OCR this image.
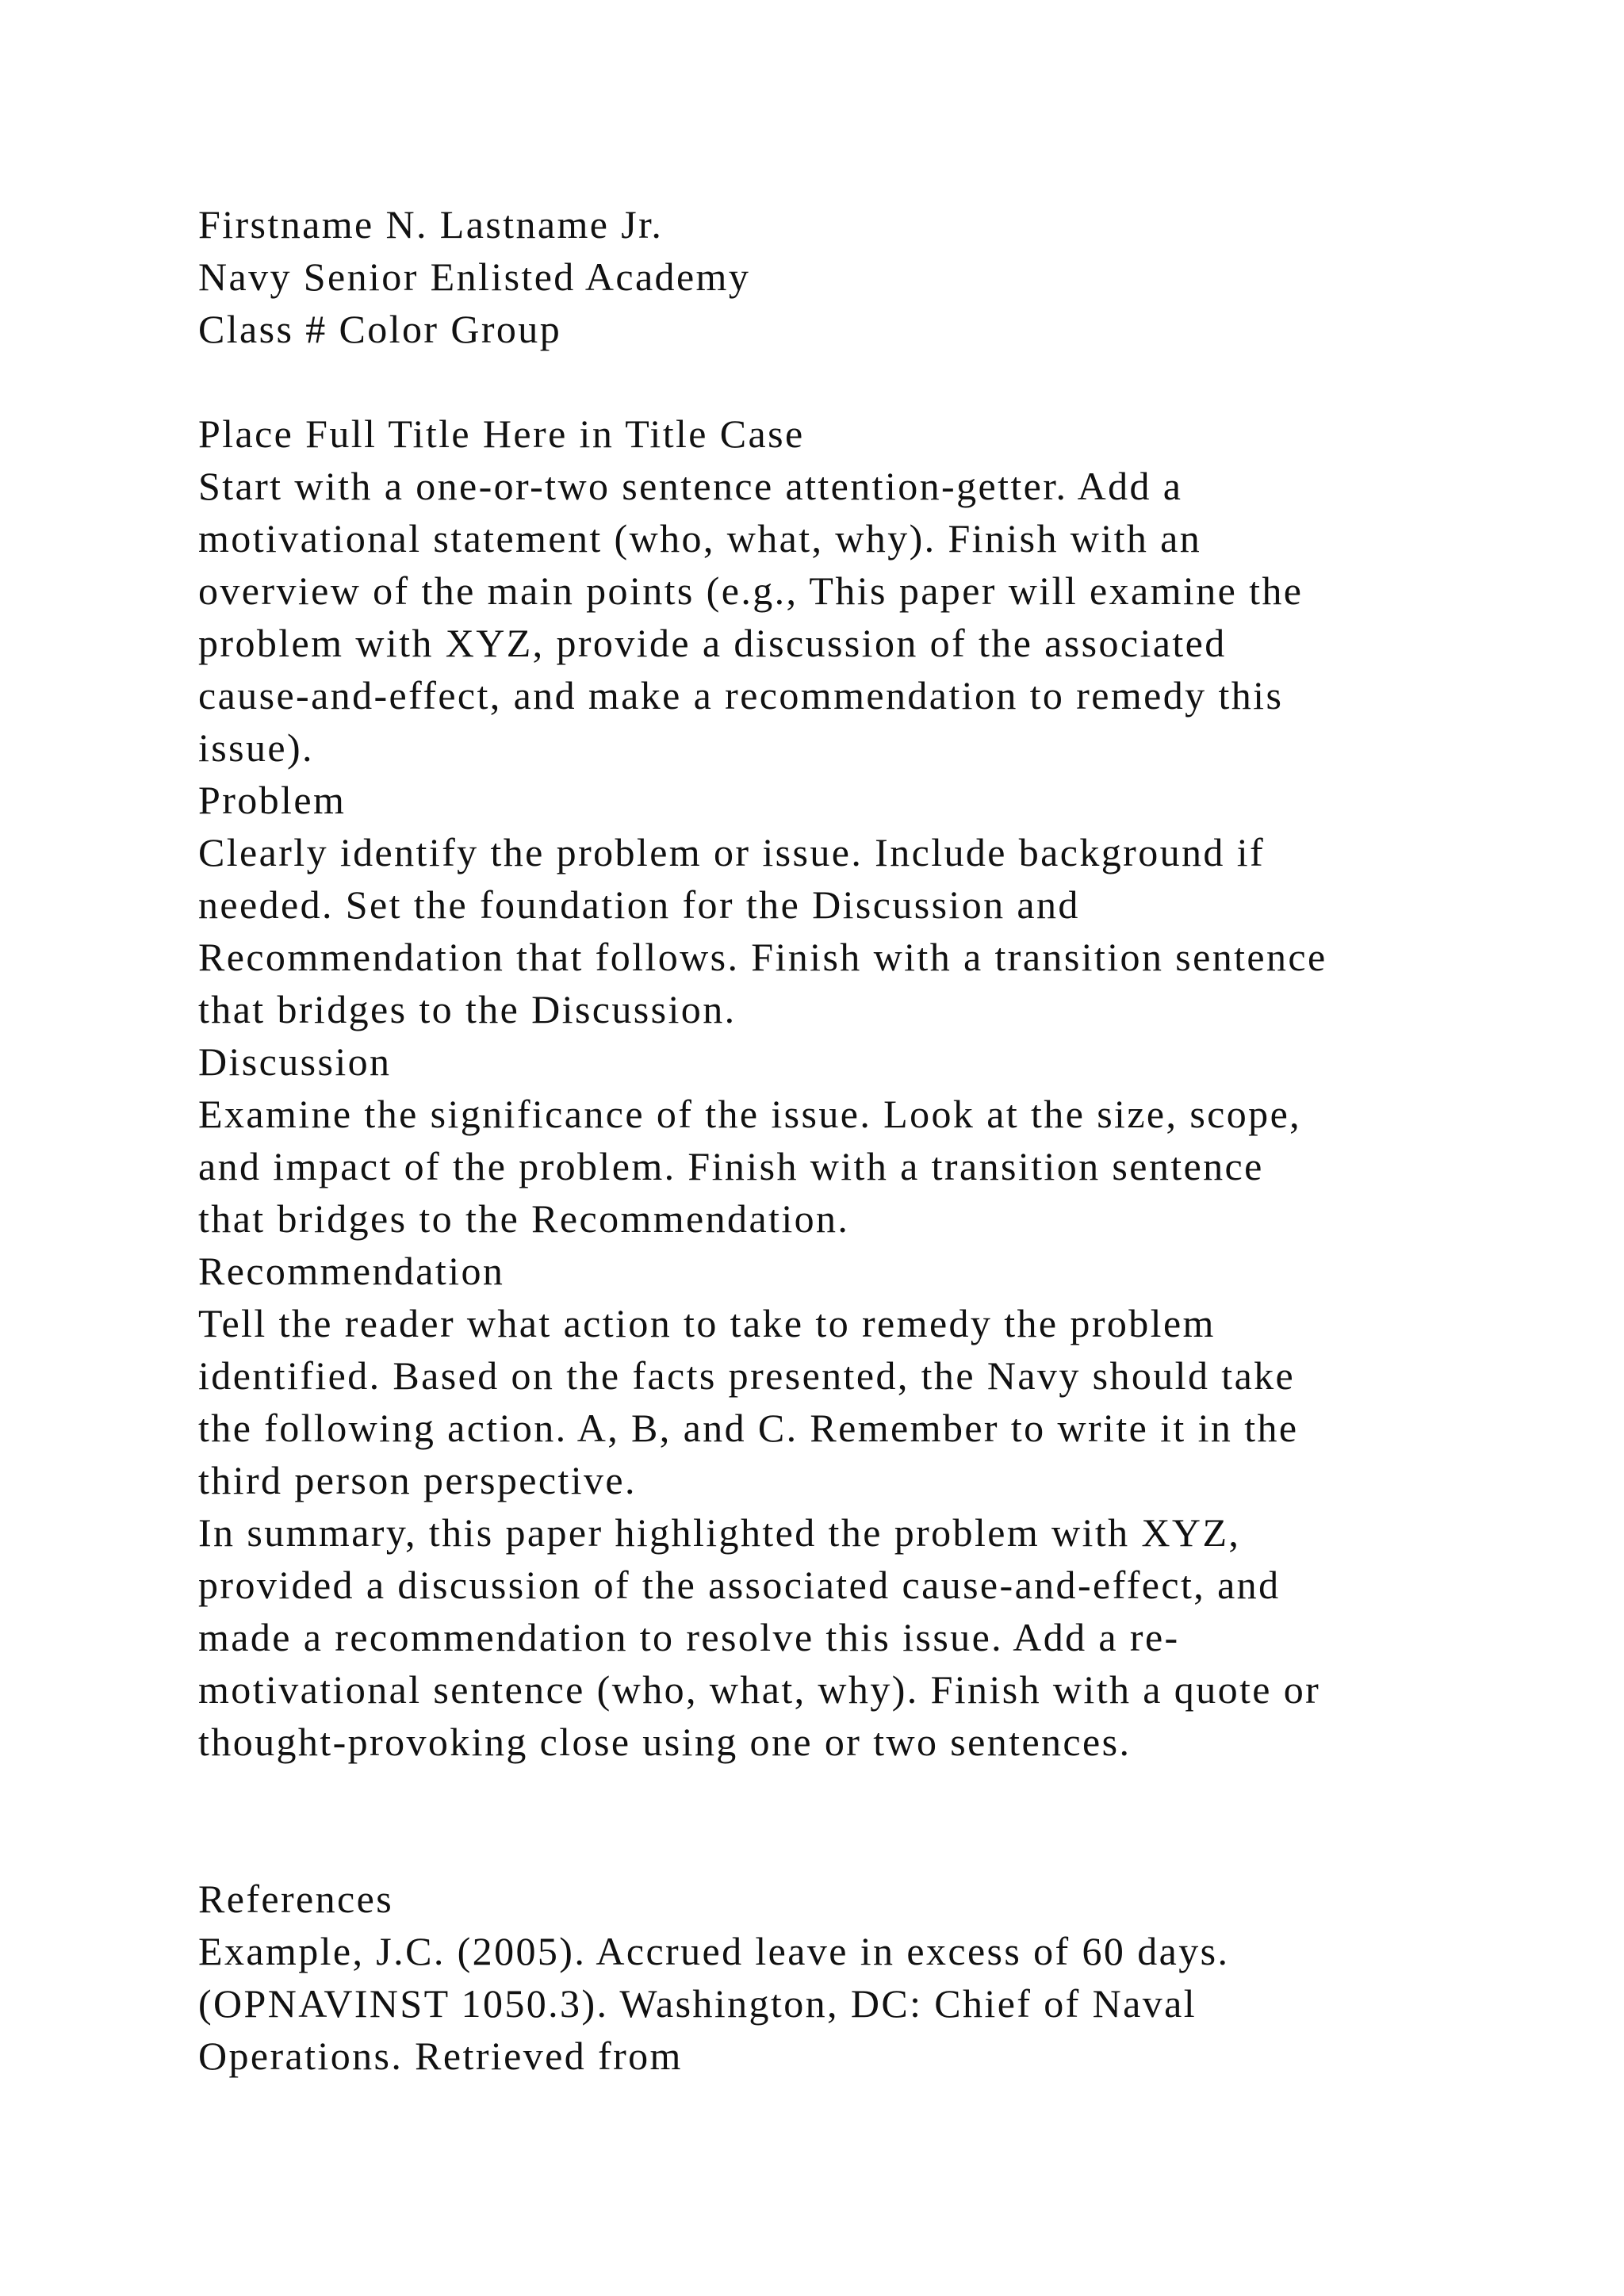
Firstname N. Lastname Jr.

Navy Senior Enlisted Academy

Class # Color Group

Place Full Title Here in Title Case

Start with a one-or-two sentence attention-getter. Add a

motivational statement (who, what, why). Finish with an

overview of the main points (e.g., This paper will examine the

problem with XYZ, provide a discussion of the associated

cause-and-effect, and make a recommendation to remedy this

issue).

Problem

Clearly identify the problem or issue. Include background if

needed. Set the foundation for the Discussion and

Recommendation that follows. Finish with a transition sentence

that bridges to the Discussion.

Discussion

Examine the significance of the issue. Look at the size, scope,

and impact of the problem. Finish with a transition sentence

that bridges to the Recommendation.

Recommendation

Tell the reader what action to take to remedy the problem

identified. Based on the facts presented, the Navy should take

the following action. A, B, and C. Remember to write it in the

third person perspective.

In summary, this paper highlighted the problem with XYZ,

provided a discussion of the associated cause-and-effect, and

made a recommendation to resolve this issue. Add a re-

motivational sentence (who, what, why). Finish with a quote or

thought-provoking close using one or two sentences.

References

Example, J.C. (2005). Accrued leave in excess of 60 days.

(OPNAVINST 1050.3). Washington, DC: Chief of Naval

Operations. Retrieved from
